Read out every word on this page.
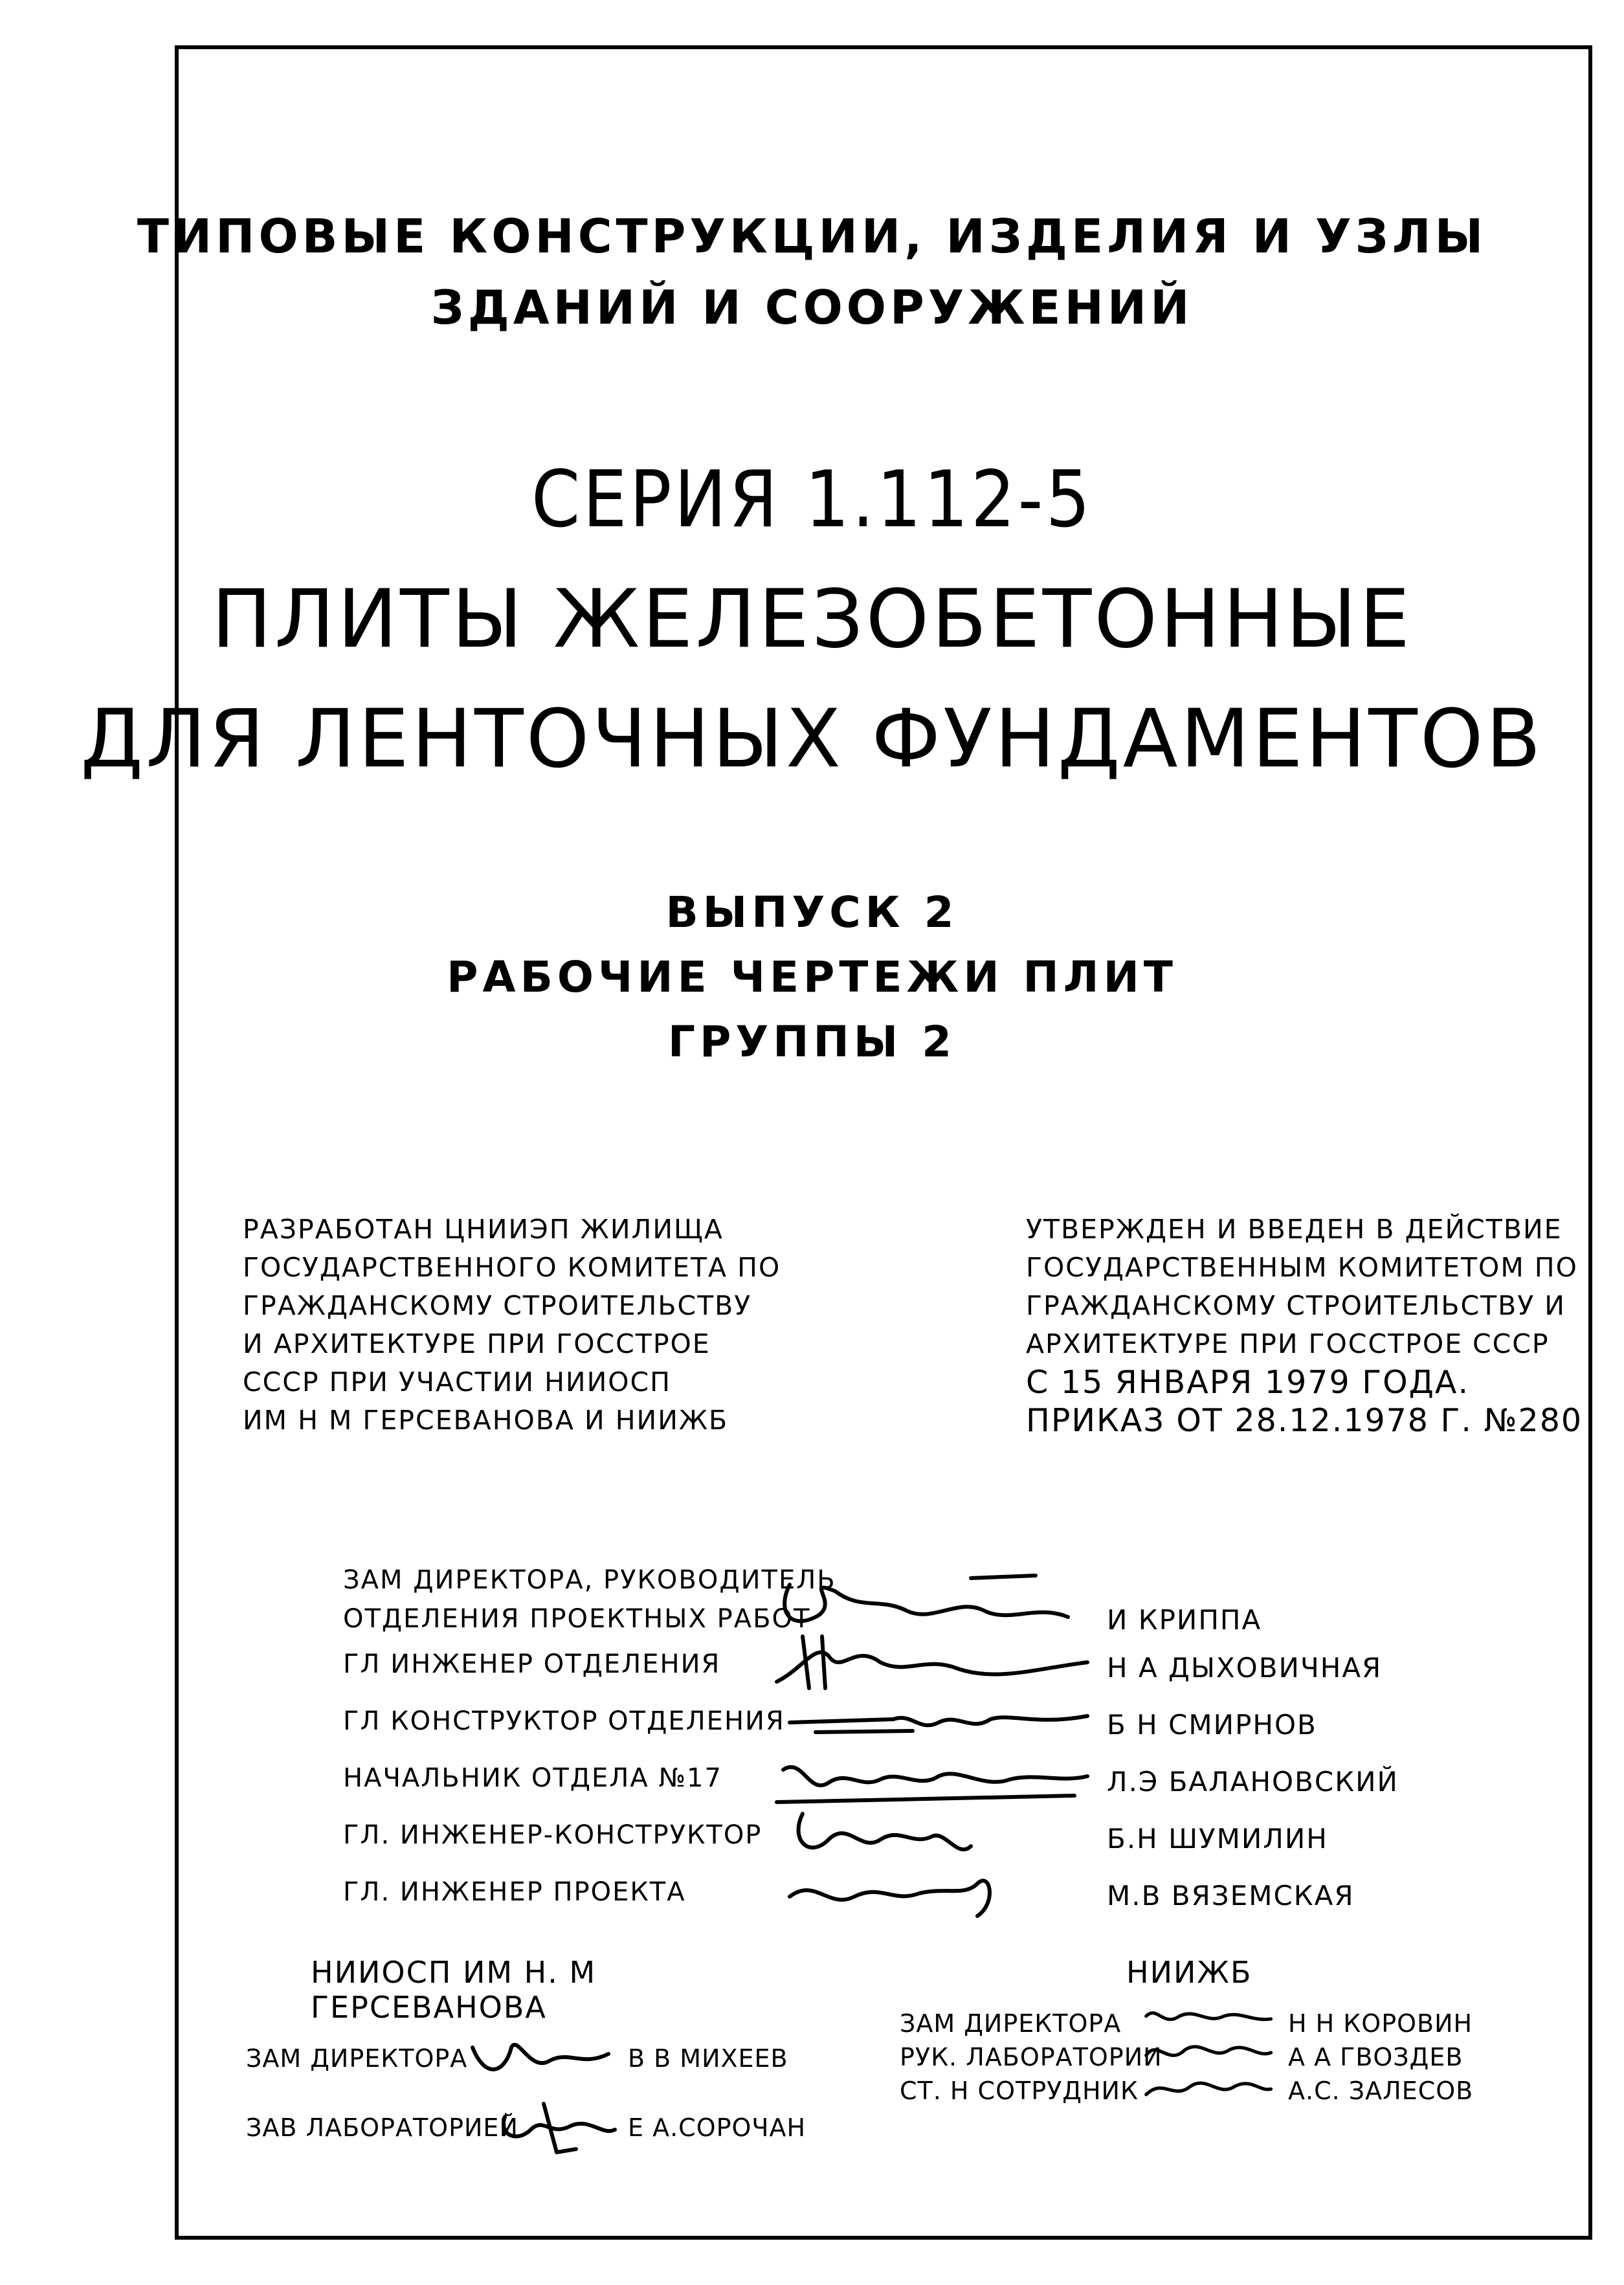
ТИПОВЫЕ КОНСТРУКЦИИ, ИЗДЕЛИЯ И УЗЛЫ
ЗДАНИЙ И СООРУЖЕНИЙ
СЕРИЯ 1.112-5
ПЛИТЫ ЖЕЛЕЗОБЕТОННЫЕ
ДЛЯ ЛЕНТОЧНЫХ ФУНДАМЕНТОВ
ВЫПУСК 2
РАБОЧИЕ ЧЕРТЕЖИ ПЛИТ
ГРУППЫ 2
РАЗРАБОТАН ЦНИИЭП ЖИЛИЩА
ГОСУДАРСТВЕННОГО КОМИТЕТА ПО
ГРАЖДАНСКОМУ СТРОИТЕЛЬСТВУ
И АРХИТЕКТУРЕ ПРИ ГОССТРОЕ
СССР ПРИ УЧАСТИИ НИИОСП
ИМ Н М ГЕРСЕВАНОВА И НИИЖБ
УТВЕРЖДЕН И ВВЕДЕН В ДЕЙСТВИЕ
ГОСУДАРСТВЕННЫМ КОМИТЕТОМ ПО
ГРАЖДАНСКОМУ СТРОИТЕЛЬСТВУ И
АРХИТЕКТУРЕ ПРИ ГОССТРОЕ СССР
С 15 ЯНВАРЯ 1979 ГОДА.
ПРИКАЗ ОТ 28.12.1978 Г. №280
ЗАМ ДИРЕКТОРА, РУКОВОДИТЕЛЬ
ОТДЕЛЕНИЯ ПРОЕКТНЫХ РАБОТ	И КРИППА
ГЛ ИНЖЕНЕР ОТДЕЛЕНИЯ	Н А ДЫХОВИЧНАЯ
ГЛ КОНСТРУКТОР ОТДЕЛЕНИЯ	Б Н СМИРНОВ
НАЧАЛЬНИК ОТДЕЛА №17	Л.Э БАЛАНОВСКИЙ
ГЛ. ИНЖЕНЕР-КОНСТРУКТОР	Б.Н ШУМИЛИН
ГЛ. ИНЖЕНЕР ПРОЕКТА	М.В ВЯЗЕМСКАЯ
НИИОСП ИМ Н. М ГЕРСЕВАНОВА
ЗАМ ДИРЕКТОРА	В В МИХЕЕВ
ЗАВ ЛАБОРАТОРИЕЙ	Е А.СОРОЧАН
НИИЖБ
ЗАМ ДИРЕКТОРА	Н Н КОРОВИН
РУК. ЛАБОРАТОРИИ	А А ГВОЗДЕВ
СТ. Н СОТРУДНИК	А.С. ЗАЛЕСОВ
